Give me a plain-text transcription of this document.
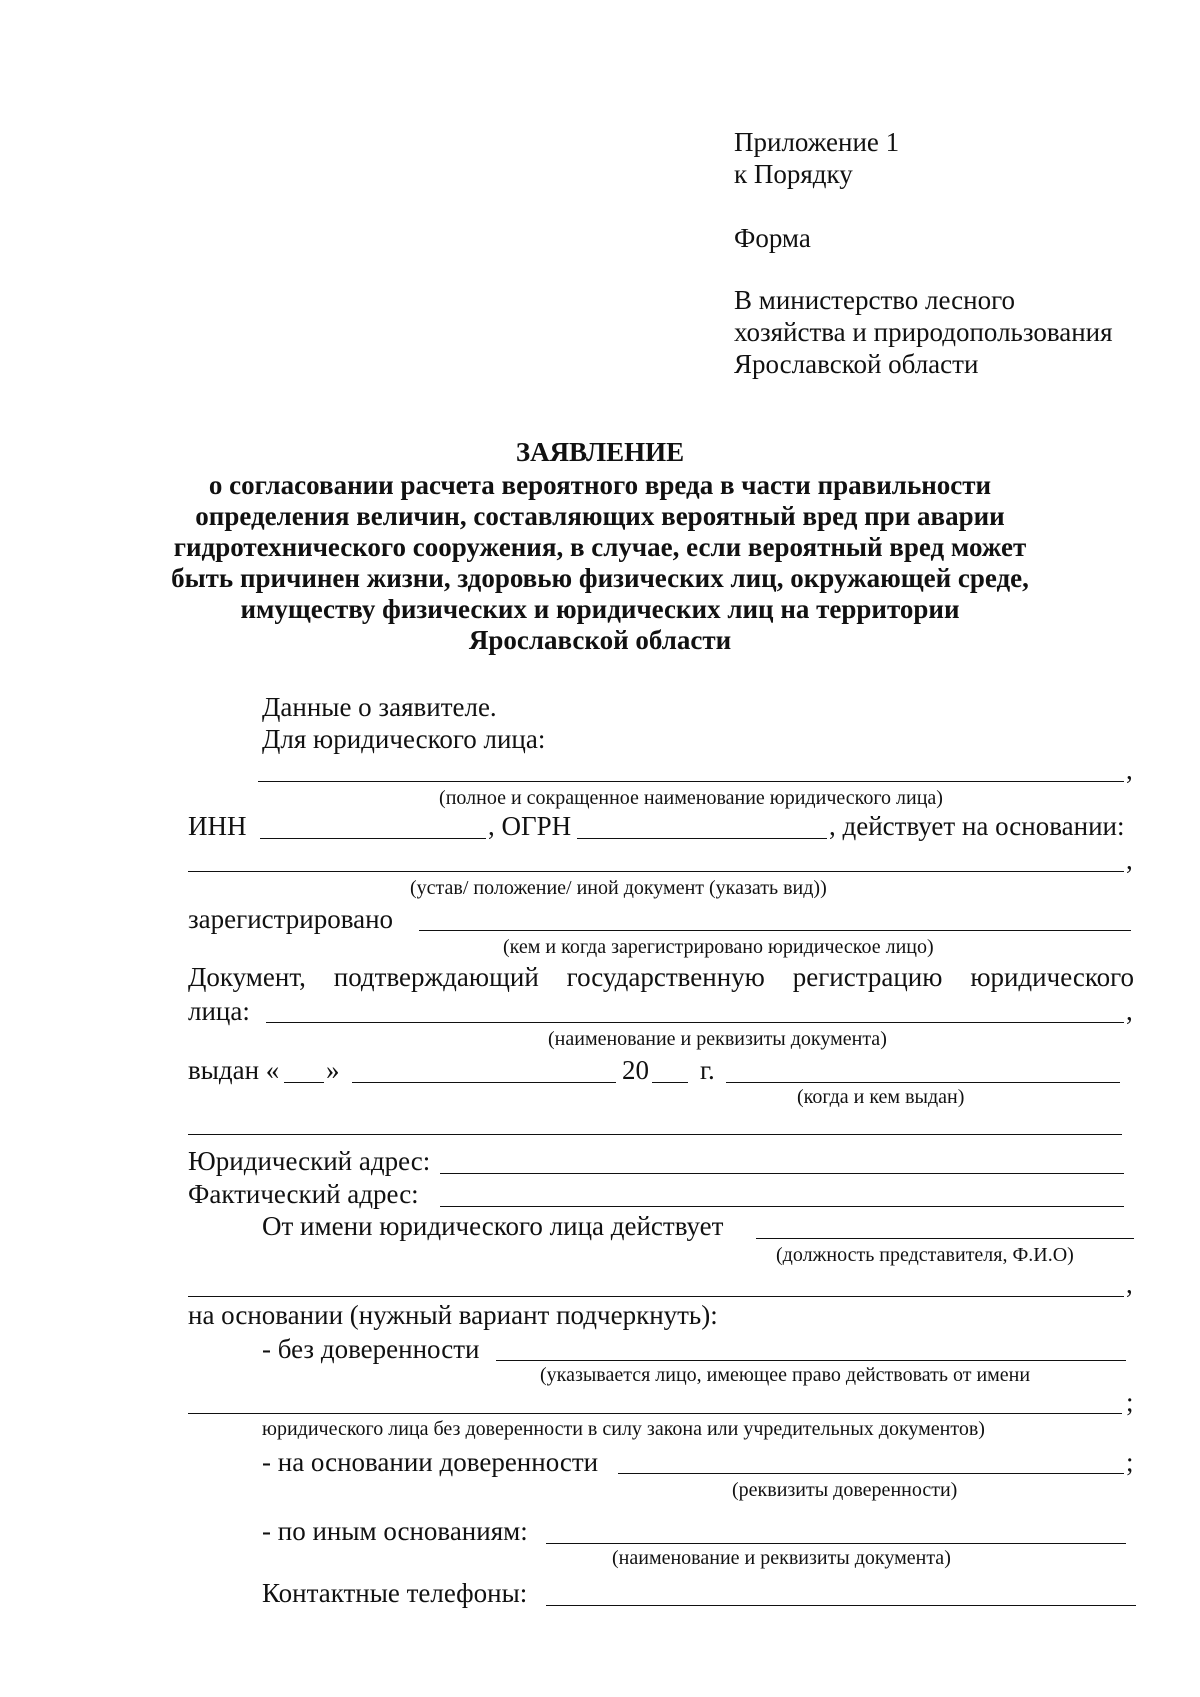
Приложение 1
к Порядку
Форма
В министерство лесного
хозяйства и природопользования
Ярославской области
ЗАЯВЛЕНИЕ
о согласовании расчета вероятного вреда в части правильности
определения величин, составляющих вероятный вред при аварии
гидротехнического сооружения, в случае, если вероятный вред может
быть причинен жизни, здоровью физических лиц, окружающей среде,
имуществу физических и юридических лиц на территории
Ярославской области
Данные о заявителе.
Для юридического лица:
,
(полное и сокращенное наименование юридического лица)
ИНН	, ОГРН	, действует на основании:
,
(устав/ положение/ иной документ (указать вид))
зарегистрировано
(кем и когда зарегистрировано юридическое лицо)
Документ, подтверждающий государственную регистрацию юридического
лица:	,
(наименование и реквизиты документа)
выдан « »	20 г.
(когда и кем выдан)
Юридический адрес:
Фактический адрес:
От имени юридического лица действует
(должность представителя, Ф.И.О)
,
на основании (нужный вариант подчеркнуть):
- без доверенности
(указывается лицо, имеющее право действовать от имени
;
юридического лица без доверенности в силу закона или учредительных документов)
- на основании доверенности	;
(реквизиты доверенности)
- по иным основаниям:
(наименование и реквизиты документа)
Контактные телефоны:
